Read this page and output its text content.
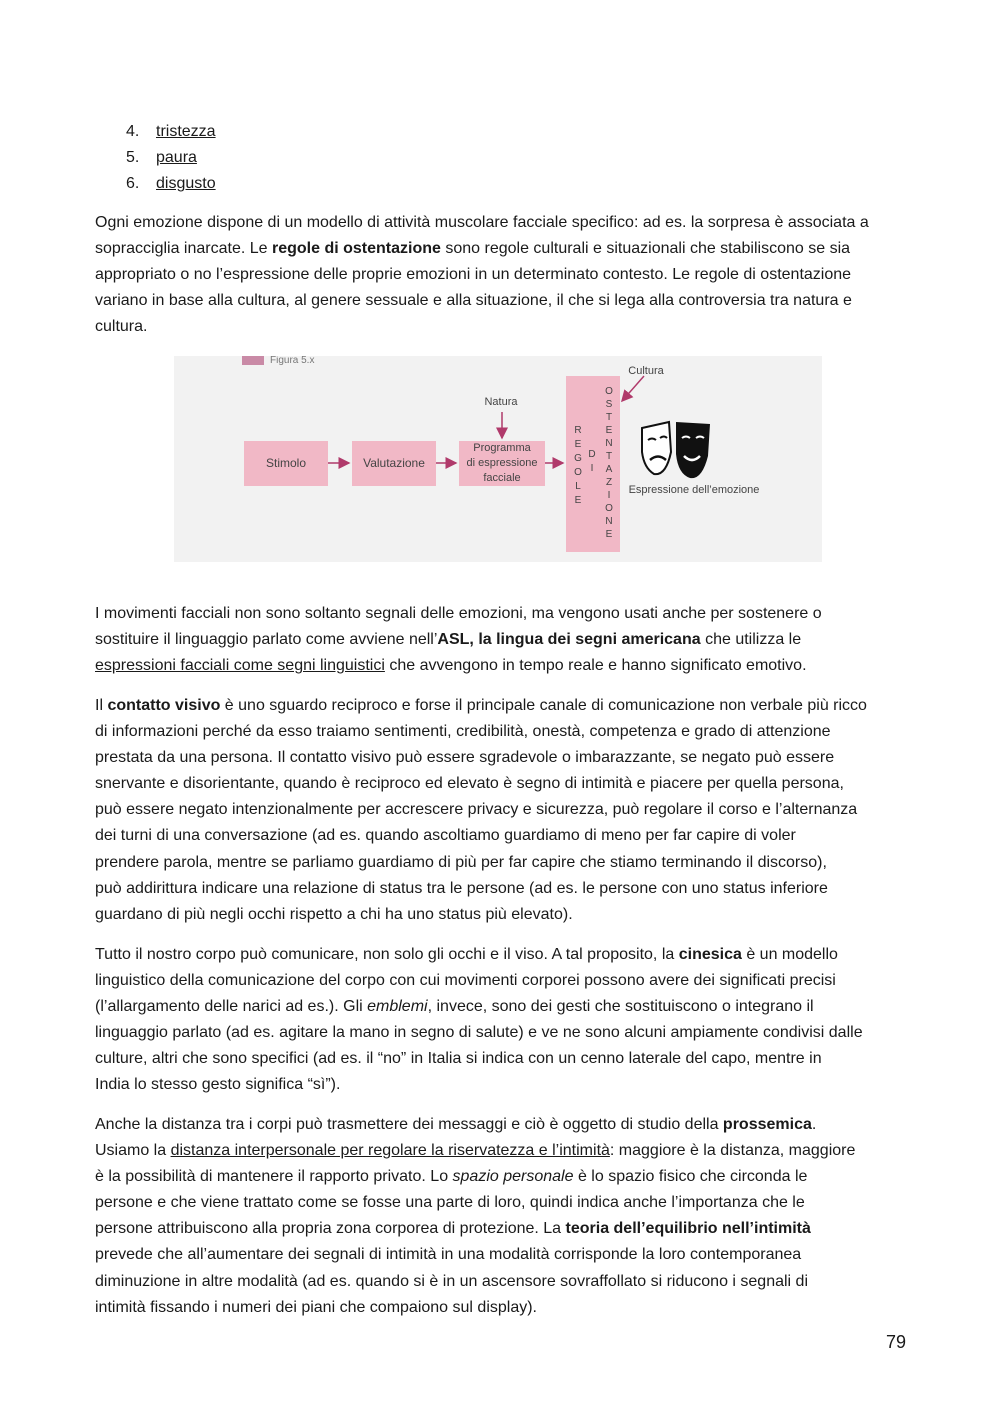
4.	tristezza
5.	paura
6.	disgusto

Ogni emozione dispone di un modello di attività muscolare facciale specifico: ad es. la sorpresa è associata a
sopracciglia inarcate. Le regole di ostentazione sono regole culturali e situazionali che stabiliscono se sia
appropriato o no l’espressione delle proprie emozioni in un determinato contesto. Le regole di ostentazione
variano in base alla cultura, al genere sessuale e alla situazione, il che si lega alla controversia tra natura e
cultura.

Figura 5.x
Stimolo	Valutazione
Programma
di espressione
facciale
R
E
G
O
L
E
D
I
O
S
T
E
N
T
A
Z
I
O
N
E
Natura
Cultura
Espressione dell’emozione

I movimenti facciali non sono soltanto segnali delle emozioni, ma vengono usati anche per sostenere o
sostituire il linguaggio parlato come avviene nell’ASL, la lingua dei segni americana che utilizza le
espressioni facciali come segni linguistici che avvengono in tempo reale e hanno significato emotivo.

Il contatto visivo è uno sguardo reciproco e forse il principale canale di comunicazione non verbale più ricco
di informazioni perché da esso traiamo sentimenti, credibilità, onestà, competenza e grado di attenzione
prestata da una persona. Il contatto visivo può essere sgradevole o imbarazzante, se negato può essere
snervante e disorientante, quando è reciproco ed elevato è segno di intimità e piacere per quella persona,
può essere negato intenzionalmente per accrescere privacy e sicurezza, può regolare il corso e l’alternanza
dei turni di una conversazione (ad es. quando ascoltiamo guardiamo di meno per far capire di voler
prendere parola, mentre se parliamo guardiamo di più per far capire che stiamo terminando il discorso),
può addirittura indicare una relazione di status tra le persone (ad es. le persone con uno status inferiore
guardano di più negli occhi rispetto a chi ha uno status più elevato).

Tutto il nostro corpo può comunicare, non solo gli occhi e il viso. A tal proposito, la cinesica è un modello
linguistico della comunicazione del corpo con cui movimenti corporei possono avere dei significati precisi
(l’allargamento delle narici ad es.). Gli emblemi, invece, sono dei gesti che sostituiscono o integrano il
linguaggio parlato (ad es. agitare la mano in segno di salute) e ve ne sono alcuni ampiamente condivisi dalle
culture, altri che sono specifici (ad es. il “no” in Italia si indica con un cenno laterale del capo, mentre in
India lo stesso gesto significa “sì”).

Anche la distanza tra i corpi può trasmettere dei messaggi e ciò è oggetto di studio della prossemica.
Usiamo la distanza interpersonale per regolare la riservatezza e l’intimità: maggiore è la distanza, maggiore
è la possibilità di mantenere il rapporto privato. Lo spazio personale è lo spazio fisico che circonda le
persone e che viene trattato come se fosse una parte di loro, quindi indica anche l’importanza che le
persone attribuiscono alla propria zona corporea di protezione. La teoria dell’equilibrio nell’intimità
prevede che all’aumentare dei segnali di intimità in una modalità corrisponde la loro contemporanea
diminuzione in altre modalità (ad es. quando si è in un ascensore sovraffollato si riducono i segnali di
intimità fissando i numeri dei piani che compaiono sul display).

79
